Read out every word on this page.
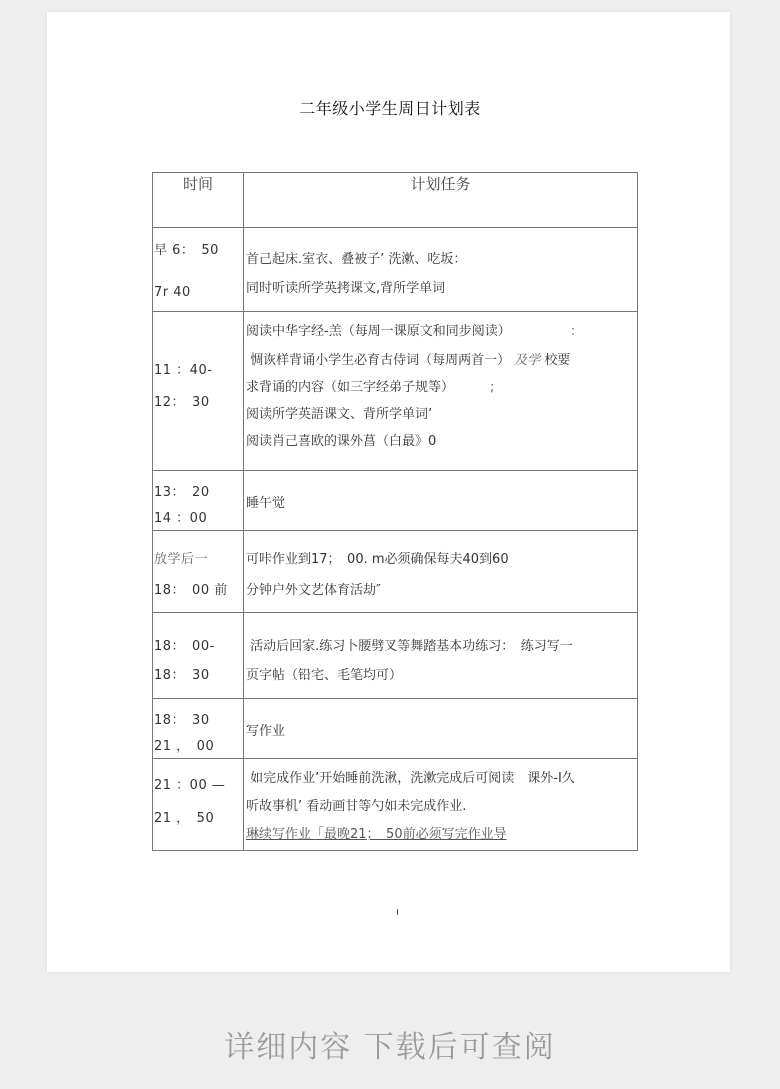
二年级小学生周日计划表
时间	计划任务

早 6：　50
7r 40	首己起床.室衣、叠被子’ 洗漱、吃坂：
同时听读所学英拷课文,背所学单词

11 ：40-
12：　30	阅读中华字经-羔（每周一课原文和同步阅读） :
惆诙样背诵小学生必育古侍词（每周两首一） 及学 校要
求背诵的内容（如三字经弟子规等） ;
阅读所学英語课文、背所学单词’
阅读肖己喜欧的课外菖（白最》0

13：　20
14 ：00	睡午觉

放学后一
18：　00 前	可咔作业到17；　00. m必须确保每夫40到60
分钟户外文艺体育活劫″

18：　00-
18：　30	活动后回家.练习卜腰劈叉等舞踏基本功练习：　练习写一
页字帖（铅宅、毛笔均可）

18：　30
21 ，　00	写作业

21 ：00 —
21 ，　50	如完成作业’开始睡前洗湫，洗漱完成后可阅读　课外-I久
听故事机’ 看动画甘等勺如未完成作业.
琳续写作业「最晚21；　50前必须写完作业导
ı
详细内容 下载后可查阅
